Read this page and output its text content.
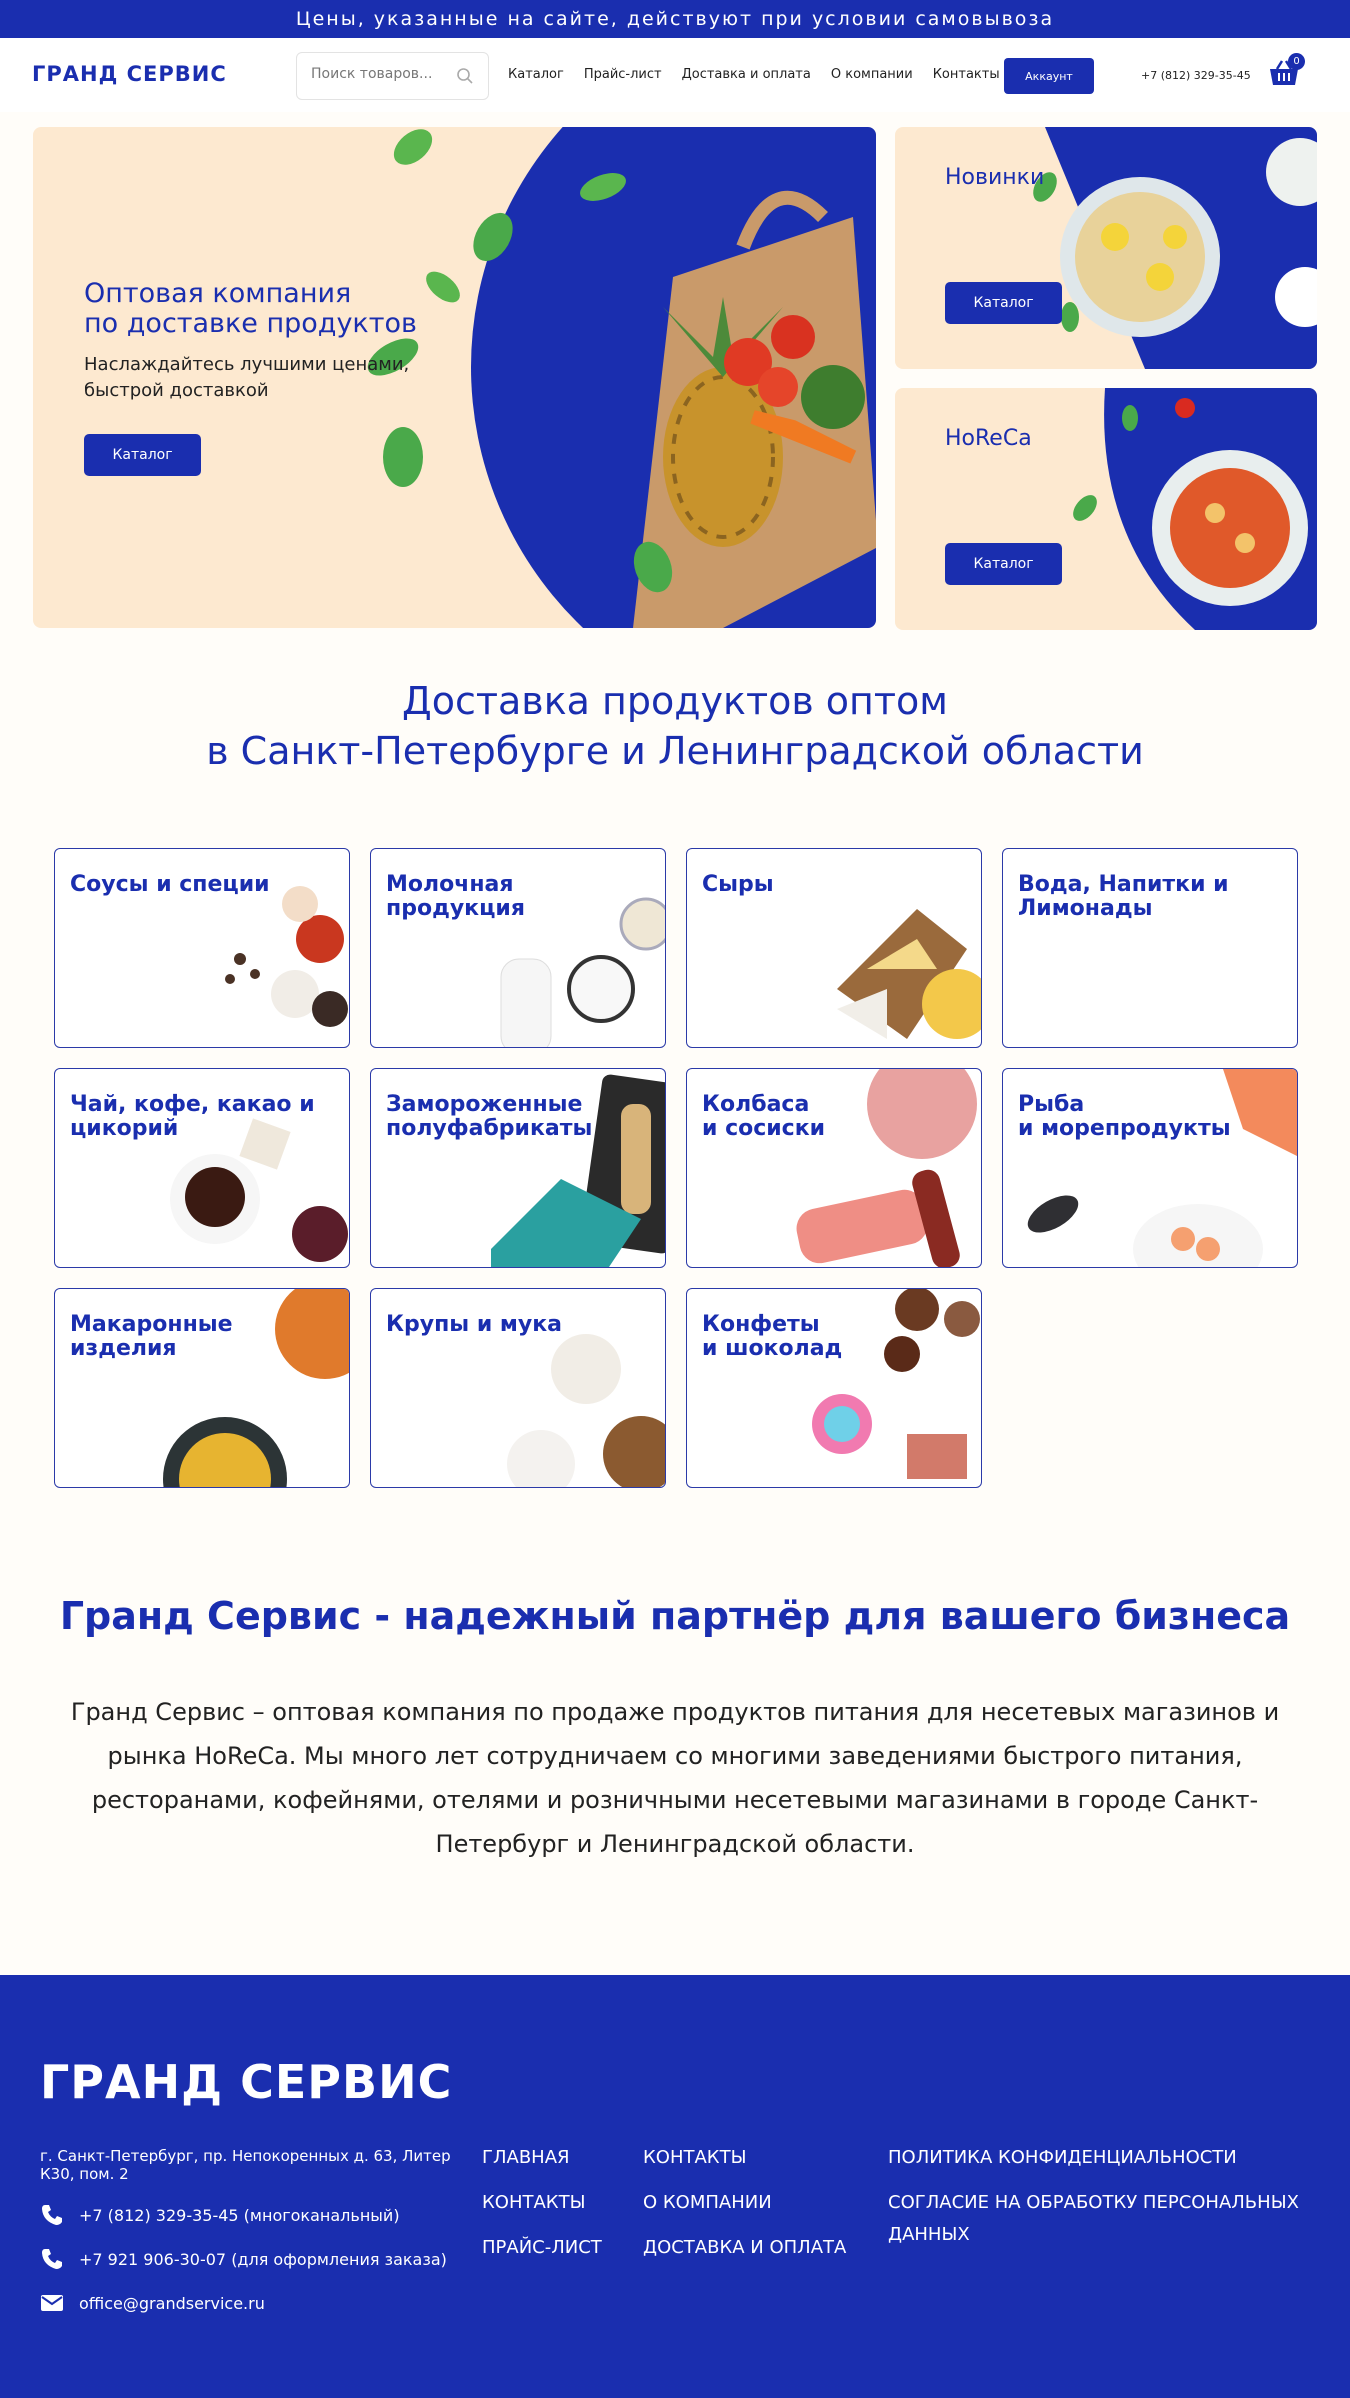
Цены, указанные на сайте, действуют при условии самовывоза
ГРАНД СЕРВИС
Поиск товаров...	Каталог Прайс-лист Доставка и оплата О компании Контакты	Аккаунт	+7 (812) 329-35-45
0
Оптовая компания
по доставке продуктов

Наслаждайтесь лучшими ценами,
быстрой доставкой

Каталог
Новинки
Каталог
HoReCa
Каталог
Доставка продуктов оптом
в Санкт-Петербурге и Ленинградской области
Соусы и специи	Молочная
продукция
Сыры	Вода, Напитки и
Лимонады
Чай, кофе, какао и
цикорий
Замороженные
полуфабрикаты
Колбаса
и сосиски
Рыба
и морепродукты
Макаронные
изделия
Крупы и мука	Конфеты
и шоколад
Гранд Сервис - надежный партнёр для вашего бизнеса
Гранд Сервис – оптовая компания по продаже продуктов питания для несетевых магазинов и рынка HoReCa. Мы много лет сотрудничаем со многими заведениями быстрого питания, ресторанами, кофейнями, отелями и розничными несетевыми магазинами в городе Санкт-Петербург и Ленинградской области.
ГРАНД СЕРВИС
г. Санкт-Петербург, пр. Непокоренных д. 63, Литер К30, пом. 2
+7 (812) 329-35-45 (многоканальный)
+7 921 906-30-07 (для оформления заказа)
office@grandservice.ru
ГЛАВНАЯ
КОНТАКТЫ
ПРАЙС-ЛИСТ
КОНТАКТЫ
О КОМПАНИИ
ДОСТАВКА И ОПЛАТА
ПОЛИТИКА КОНФИДЕНЦИАЛЬНОСТИ
СОГЛАСИЕ НА ОБРАБОТКУ ПЕРСОНАЛЬНЫХ ДАННЫХ
